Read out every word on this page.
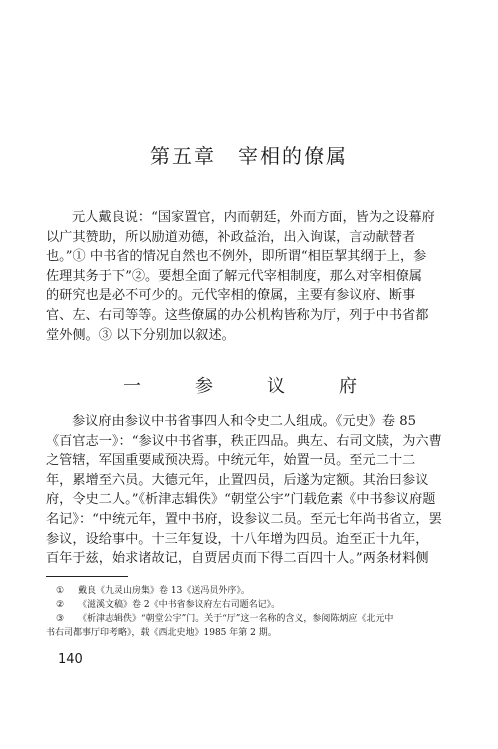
第五章　宰相的僚属
元人戴良说：“国家置官，内而朝廷，外而方面，皆为之设幕府
以广其赞助，所以励道劝德，补政益治，出入询谋，言动献替者
也。”① 中书省的情况自然也不例外，即所谓“相臣挈其纲于上，参
佐理其务于下”②。要想全面了解元代宰相制度，那么对宰相僚属
的研究也是必不可少的。元代宰相的僚属，主要有参议府、断事
官、左、右司等等。这些僚属的办公机构皆称为厅，列于中书省都
堂外侧。③ 以下分别加以叙述。
一　参　议　府
参议府由参议中书省事四人和令史二人组成。《元史》卷 85
《百官志一》：“参议中书省事，秩正四品。典左、右司文牍，为六曹
之管辖，军国重要咸预决焉。中统元年，始置一员。至元二十二
年，累增至六员。大德元年，止置四员，后遂为定额。其治曰参议
府，令史二人。”《析津志辑佚》“朝堂公宇”门载危素《中书参议府题
名记》：“中统元年，置中书府，设参议二员。至元七年尚书省立，罢
参议，设给事中。十三年复设，十八年增为四员。迨至正十九年，
百年于兹，始求诸故记，自贾居贞而下得二百四十人。”两条材料侧
① 戴良《九灵山房集》卷 13《送冯员外序》。
② 《滋溪文稿》卷 2《中书省参议府左右司题名记》。
③ 《析津志辑佚》“朝堂公宇”门。关于“厅”这一名称的含义，参阅陈炳应《北元中
书右司都事厅印考略》，载《西北史地》1985 年第 2 期。
140
